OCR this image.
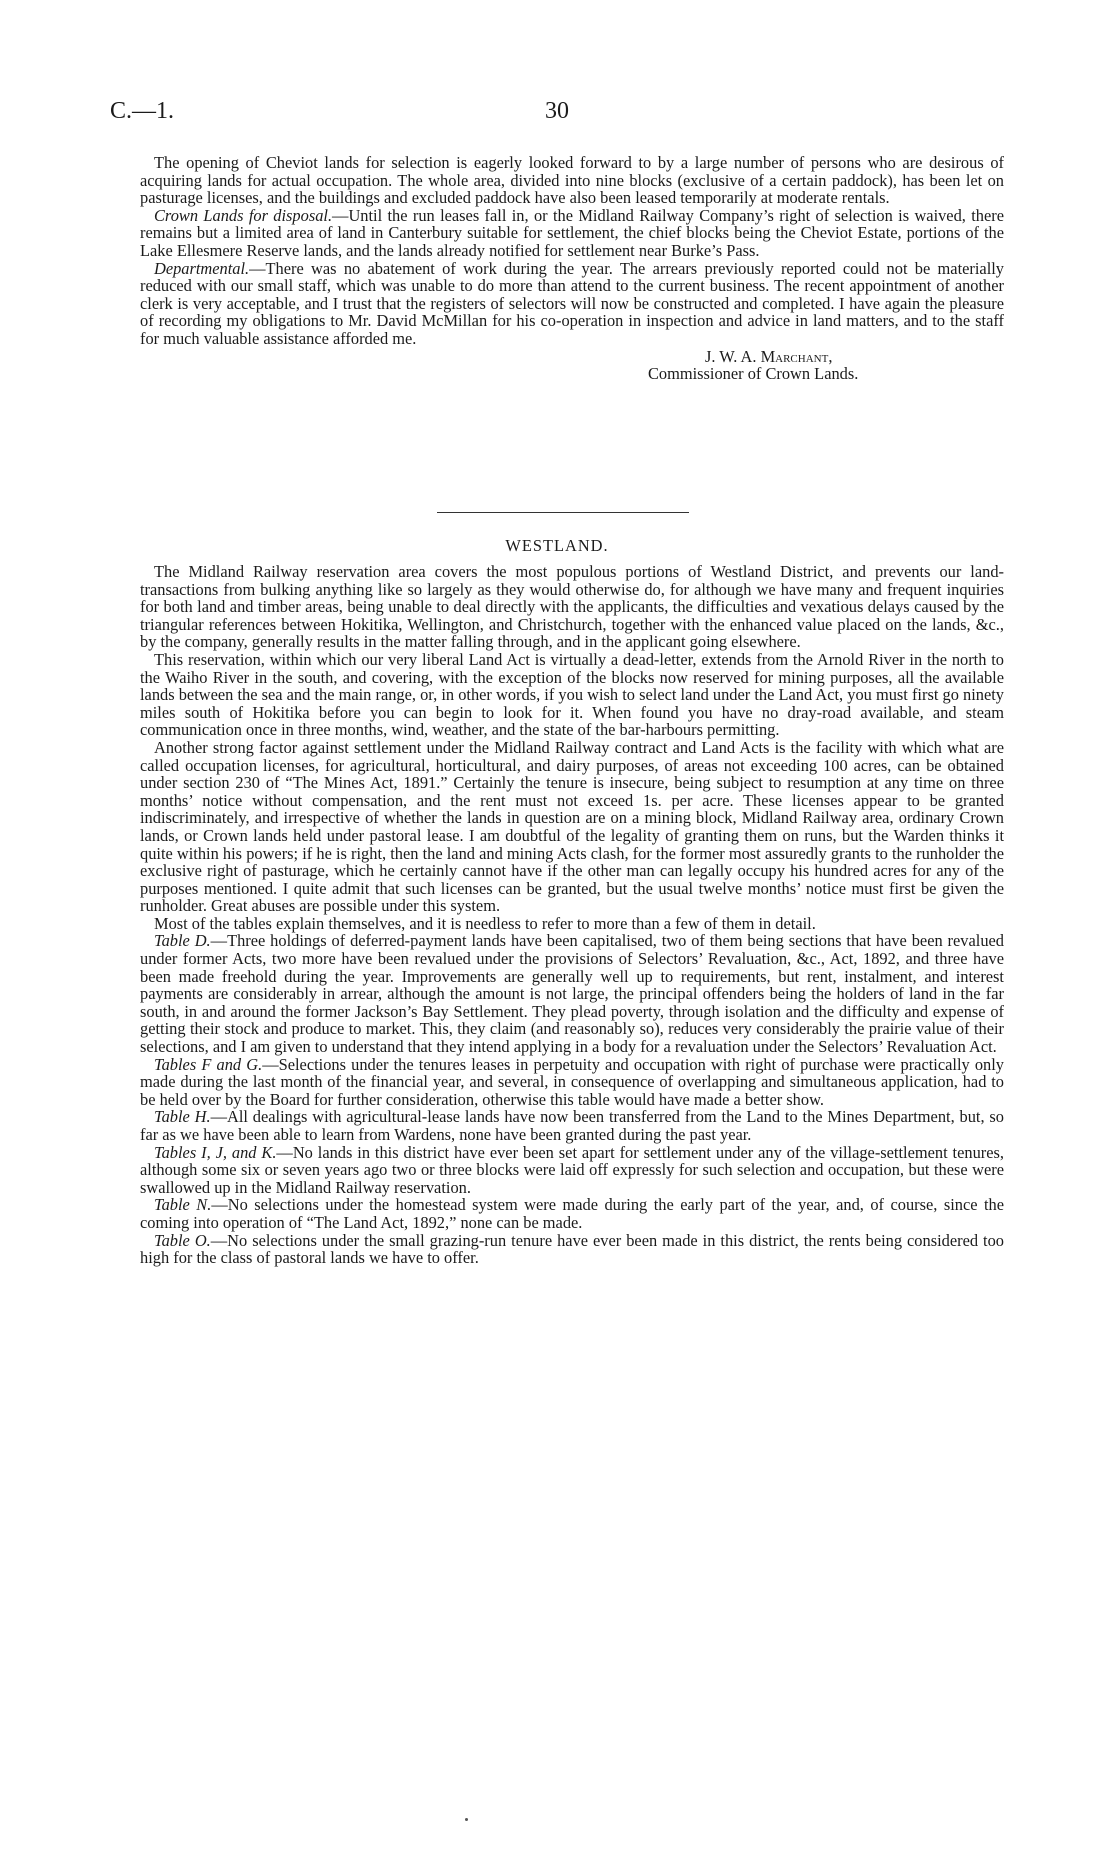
C.—1.	30

The opening of Cheviot lands for selection is eagerly looked forward to by a large number of persons who are desirous of acquiring lands for actual occupation. The whole area, divided into nine blocks (exclusive of a certain paddock), has been let on pasturage licenses, and the buildings and excluded paddock have also been leased temporarily at moderate rentals.

Crown Lands for disposal.—Until the run leases fall in, or the Midland Railway Company’s right of selection is waived, there remains but a limited area of land in Canterbury suitable for settlement, the chief blocks being the Cheviot Estate, portions of the Lake Ellesmere Reserve lands, and the lands already notified for settlement near Burke’s Pass.

Departmental.—There was no abatement of work during the year. The arrears previously reported could not be materially reduced with our small staff, which was unable to do more than attend to the current business. The recent appointment of another clerk is very acceptable, and I trust that the registers of selectors will now be constructed and completed. I have again the pleasure of recording my obligations to Mr. David McMillan for his co-operation in inspection and advice in land matters, and to the staff for much valuable assistance afforded me.

J. W. A. Marchant,
Commissioner of Crown Lands.
WESTLAND.

The Midland Railway reservation area covers the most populous portions of Westland District, and prevents our land-transactions from bulking anything like so largely as they would otherwise do, for although we have many and frequent inquiries for both land and timber areas, being unable to deal directly with the applicants, the difficulties and vexatious delays caused by the triangular references between Hokitika, Wellington, and Christchurch, together with the enhanced value placed on the lands, &c., by the company, generally results in the matter falling through, and in the applicant going elsewhere.

This reservation, within which our very liberal Land Act is virtually a dead-letter, extends from the Arnold River in the north to the Waiho River in the south, and covering, with the exception of the blocks now reserved for mining purposes, all the available lands between the sea and the main range, or, in other words, if you wish to select land under the Land Act, you must first go ninety miles south of Hokitika before you can begin to look for it. When found you have no dray-road available, and steam communication once in three months, wind, weather, and the state of the bar-harbours permitting.

Another strong factor against settlement under the Midland Railway contract and Land Acts is the facility with which what are called occupation licenses, for agricultural, horticultural, and dairy purposes, of areas not exceeding 100 acres, can be obtained under section 230 of “The Mines Act, 1891.” Certainly the tenure is insecure, being subject to resumption at any time on three months’ notice without compensation, and the rent must not exceed 1s. per acre. These licenses appear to be granted indiscriminately, and irrespective of whether the lands in question are on a mining block, Midland Railway area, ordinary Crown lands, or Crown lands held under pastoral lease. I am doubtful of the legality of granting them on runs, but the Warden thinks it quite within his powers; if he is right, then the land and mining Acts clash, for the former most assuredly grants to the runholder the exclusive right of pasturage, which he certainly cannot have if the other man can legally occupy his hundred acres for any of the purposes mentioned. I quite admit that such licenses can be granted, but the usual twelve months’ notice must first be given the runholder. Great abuses are possible under this system.

Most of the tables explain themselves, and it is needless to refer to more than a few of them in detail.

Table D.—Three holdings of deferred-payment lands have been capitalised, two of them being sections that have been revalued under former Acts, two more have been revalued under the provisions of Selectors’ Revaluation, &c., Act, 1892, and three have been made freehold during the year. Improvements are generally well up to requirements, but rent, instalment, and interest payments are considerably in arrear, although the amount is not large, the principal offenders being the holders of land in the far south, in and around the former Jackson’s Bay Settlement. They plead poverty, through isolation and the difficulty and expense of getting their stock and produce to market. This, they claim (and reasonably so), reduces very considerably the prairie value of their selections, and I am given to understand that they intend applying in a body for a revaluation under the Selectors’ Revaluation Act.

Tables F and G.—Selections under the tenures leases in perpetuity and occupation with right of purchase were practically only made during the last month of the financial year, and several, in consequence of overlapping and simultaneous application, had to be held over by the Board for further consideration, otherwise this table would have made a better show.

Table H.—All dealings with agricultural-lease lands have now been transferred from the Land to the Mines Department, but, so far as we have been able to learn from Wardens, none have been granted during the past year.

Tables I, J, and K.—No lands in this district have ever been set apart for settlement under any of the village-settlement tenures, although some six or seven years ago two or three blocks were laid off expressly for such selection and occupation, but these were swallowed up in the Midland Railway reservation.

Table N.—No selections under the homestead system were made during the early part of the year, and, of course, since the coming into operation of “The Land Act, 1892,” none can be made.

Table O.—No selections under the small grazing-run tenure have ever been made in this district, the rents being considered too high for the class of pastoral lands we have to offer.
